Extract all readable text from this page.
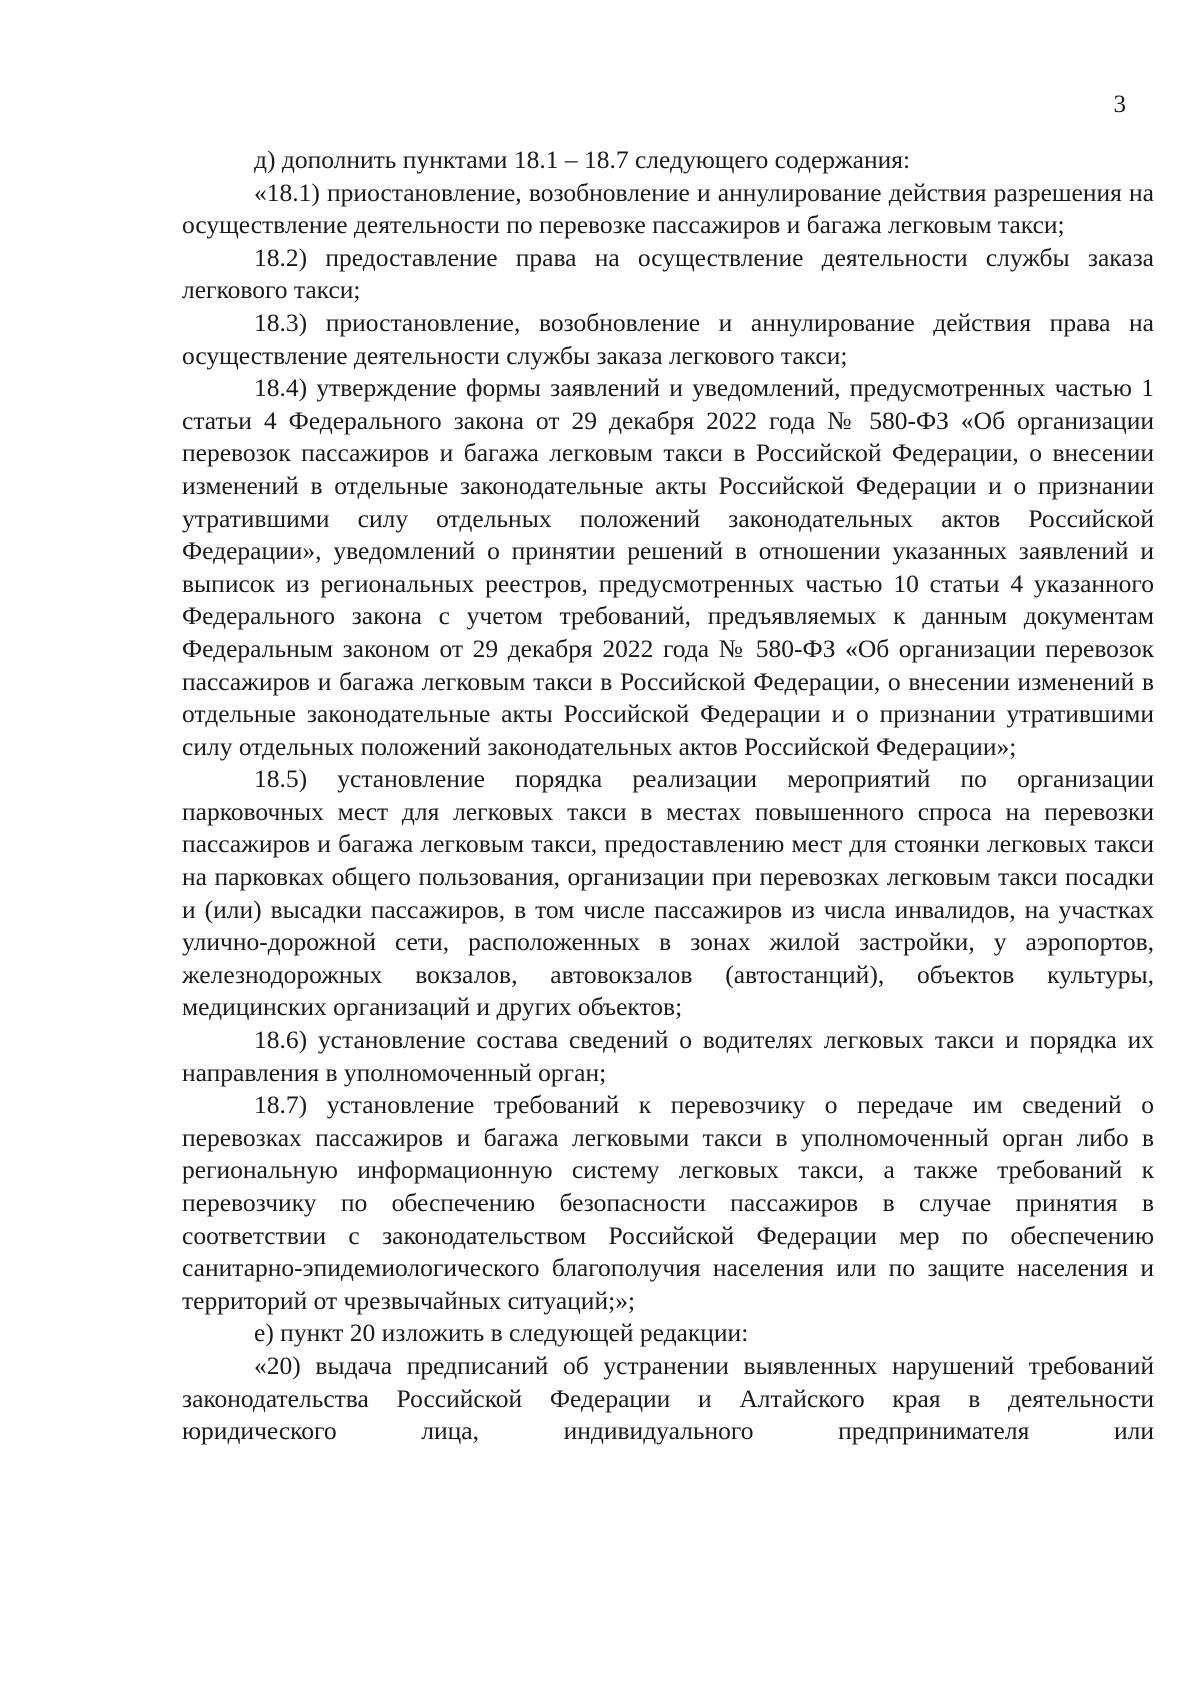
3

д) дополнить пунктами 18.1 – 18.7 следующего содержания:

«18.1) приостановление, возобновление и аннулирование действия разрешения на осуществление деятельности по перевозке пассажиров и багажа легковым такси;

18.2) предоставление права на осуществление деятельности службы заказа легкового такси;

18.3) приостановление, возобновление и аннулирование действия права на осуществление деятельности службы заказа легкового такси;

18.4) утверждение формы заявлений и уведомлений, предусмотренных частью 1 статьи 4 Федерального закона от 29 декабря 2022 года № 580-ФЗ «Об организации перевозок пассажиров и багажа легковым такси в Российской Федерации, о внесении изменений в отдельные законодательные акты Российской Федерации и о признании утратившими силу отдельных положений законодательных актов Российской Федерации», уведомлений о принятии решений в отношении указанных заявлений и выписок из региональных реестров, предусмотренных частью 10 статьи 4 указанного Федерального закона с учетом требований, предъявляемых к данным документам Федеральным законом от 29 декабря 2022 года № 580-ФЗ «Об организации перевозок пассажиров и багажа легковым такси в Российской Федерации, о внесении изменений в отдельные законодательные акты Российской Федерации и о признании утратившими силу отдельных положений законодательных актов Российской Федерации»;

18.5) установление порядка реализации мероприятий по организации парковочных мест для легковых такси в местах повышенного спроса на перевозки пассажиров и багажа легковым такси, предоставлению мест для стоянки легковых такси на парковках общего пользования, организации при перевозках легковым такси посадки и (или) высадки пассажиров, в том числе пассажиров из числа инвалидов, на участках улично-дорожной сети, расположенных в зонах жилой застройки, у аэропортов, железнодорожных вокзалов, автовокзалов (автостанций), объектов культуры, медицинских организаций и других объектов;

18.6) установление состава сведений о водителях легковых такси и порядка их направления в уполномоченный орган;

18.7) установление требований к перевозчику о передаче им сведений о перевозках пассажиров и багажа легковыми такси в уполномоченный орган либо в региональную информационную систему легковых такси, а также требований к перевозчику по обеспечению безопасности пассажиров в случае принятия в соответствии с законодательством Российской Федерации мер по обеспечению санитарно-эпидемиологического благополучия населения или по защите населения и территорий от чрезвычайных ситуаций;»;

е) пункт 20 изложить в следующей редакции:

«20) выдача предписаний об устранении выявленных нарушений требований законодательства Российской Федерации и Алтайского края в деятельности юридического лица, индивидуального предпринимателя или
